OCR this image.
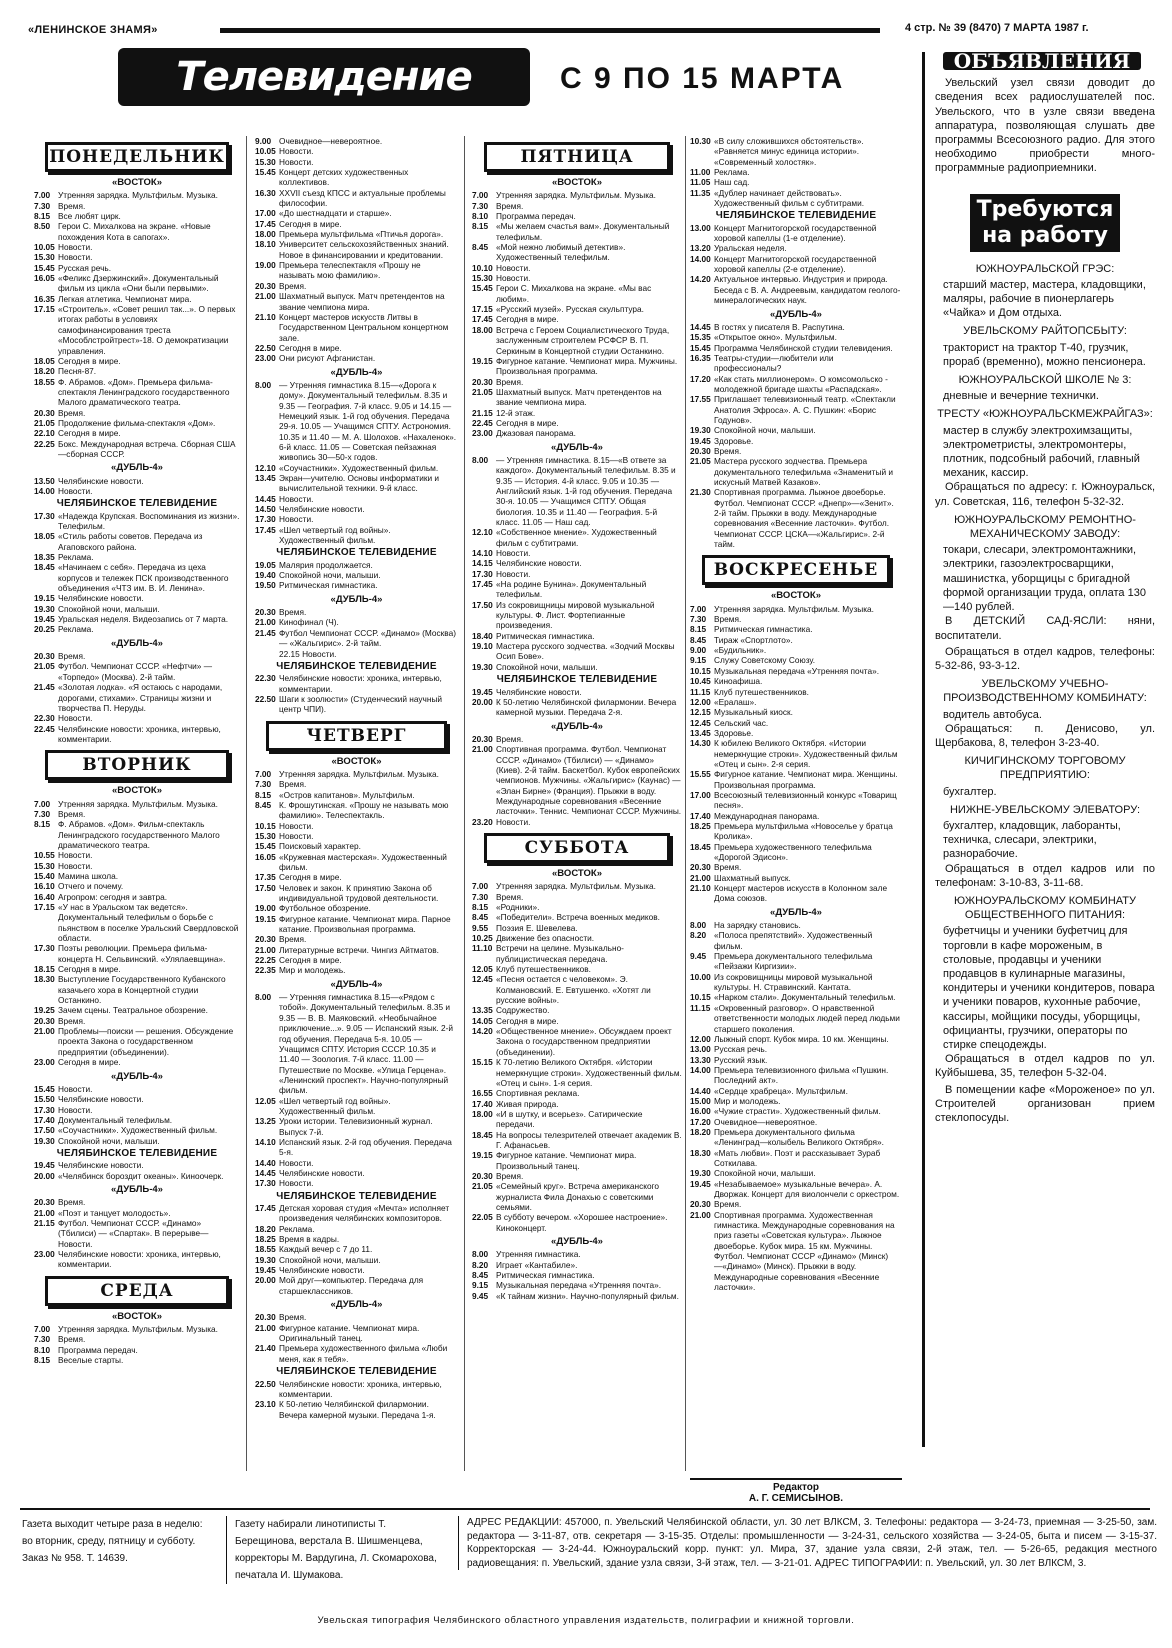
«ЛЕНИНСКОЕ ЗНАМЯ»	4 стр. № 39 (8470) 7 МАРТА 1987 г.
Телевидение	С 9 ПО 15 МАРТА
ПОНЕДЕЛЬНИК
«ВОСТОК»
7.00 Утренняя зарядка. Мультфильм. Музыка.
7.30 Время.
8.15 Все любят цирк.
8.50 Герои С. Михалкова на экране. «Новые похождения Кота в сапогах».
10.05 Новости.
15.30 Новости.
15.45 Русская речь.
16.05 «Феликс Дзержинский». Документальный фильм из цикла «Они были первыми».
16.35 Легкая атлетика. Чемпионат мира.
17.15 «Строитель». «Совет решил так...». О первых итогах работы в условиях самофинансирования треста «Мособлстройтрест»-18. О демократизации управления.
18.05 Сегодня в мире.
18.20 Песня-87.
18.55 Ф. Абрамов. «Дом». Премьера фильма-спектакля Ленинградского государственного Малого драматического театра.
20.30 Время.
21.05 Продолжение фильма-спектакля «Дом».
22.10 Сегодня в мире.
22.25 Бокс. Международная встреча. Сборная США—сборная СССР.
«ДУБЛЬ-4»
13.50 Челябинские новости.
14.00 Новости.
ЧЕЛЯБИНСКОЕ ТЕЛЕВИДЕНИЕ
17.30 «Надежда Крупская. Воспоминания из жизни». Телефильм.
18.05 «Стиль работы советов. Передача из Агаповского района.
18.35 Реклама.
18.45 «Начинаем с себя». Передача из цеха корпусов и тележек ПСК производственного объединения «ЧТЗ им. В. И. Ленина».
19.15 Челябинские новости.
19.30 Спокойной ночи, малыши.
19.45 Уральская неделя. Видеозапись от 7 марта.
20.25 Реклама.
«ДУБЛЬ-4»
20.30 Время.
21.05 Футбол. Чемпионат СССР. «Нефтчи» — «Торпедо» (Москва). 2-й тайм.
21.45 «Золотая лодка». «Я остаюсь с народами, дорогами, стихами». Страницы жизни и творчества П. Неруды.
22.30 Новости.
22.45 Челябинские новости: хроника, интервью, комментарии.
ВТОРНИК
«ВОСТОК»
7.00 Утренняя зарядка. Мультфильм. Музыка.
7.30 Время.
8.15 Ф. Абрамов. «Дом». Фильм-спектакль Ленинградского государственного Малого драматического театра.
10.55 Новости.
15.30 Новости.
15.40 Мамина школа.
16.10 Отчего и почему.
16.40 Агропром: сегодня и завтра.
17.15 «У нас в Уральском так ведется». Документальный телефильм о борьбе с пьянством в поселке Уральский Свердловской области.
17.30 Поэты революции. Премьера фильма-концерта Н. Сельвинский. «Улялаевщина».
18.15 Сегодня в мире.
18.30 Выступление Государственного Кубанского казачьего хора в Концертной студии Останкино.
19.25 Зачем сцены. Театральное обозрение.
20.30 Время.
21.00 Проблемы—поиски — решения. Обсуждение проекта Закона о государственном предприятии (объединении).
23.00 Сегодня в мире.
«ДУБЛЬ-4»
15.45 Новости.
15.50 Челябинские новости.
17.30 Новости.
17.40 Документальный телефильм.
17.50 «Соучастники». Художественный фильм.
19.30 Спокойной ночи, малыши.
ЧЕЛЯБИНСКОЕ ТЕЛЕВИДЕНИЕ
19.45 Челябинские новости.
20.00 «Челябинск бороздит океаны». Киноочерк.
«ДУБЛЬ-4»
20.30 Время.
21.00 «Поэт и танцует молодость».
21.15 Футбол. Чемпионат СССР. «Динамо» (Тбилиси) — «Спартак». В перерыве—Новости.
23.00 Челябинские новости: хроника, интервью, комментарии.
СРЕДА
«ВОСТОК»
7.00 Утренняя зарядка. Мультфильм. Музыка.
7.30 Время.
8.10 Программа передач.
8.15 Веселые старты.
9.00 Очевидное—невероятное.
10.05 Новости.
15.30 Новости.
15.45 Концерт детских художественных коллективов.
16.30 XXVII съезд КПСС и актуальные проблемы философии.
17.00 «До шестнадцати и старше».
17.45 Сегодня в мире.
18.00 Премьера мультфильма «Птичья дорога».
18.10 Университет сельскохозяйственных знаний. Новое в финансировании и кредитовании.
19.00 Премьера телеспектакля «Прошу не называть мою фамилию».
20.30 Время.
21.00 Шахматный выпуск. Матч претендентов на звание чемпиона мира.
21.10 Концерт мастеров искусств Литвы в Государственном Центральном концертном зале.
22.50 Сегодня в мире.
23.00 Они рисуют Афганистан.
«ДУБЛЬ-4»
8.00 — Утренняя гимнастика 8.15—«Дорога к дому». Документальный телефильм. 8.35 и 9.35 — География. 7-й класс. 9.05 и 14.15 — Немецкий язык. 1-й год обучения. Передача 29-я. 10.05 — Учащимся СПТУ. Астрономия. 10.35 и 11.40 — М. А. Шолохов. «Нахаленок». 6-й класс. 11.05 — Советская пейзажная живопись 30—50-х годов.
12.10 «Соучастники». Художественный фильм.
13.45 Экран—учителю. Основы информатики и вычислительной техники. 9-й класс.
14.45 Новости.
14.50 Челябинские новости.
17.30 Новости.
17.45 «Шел четвертый год войны». Художественный фильм.
ЧЕЛЯБИНСКОЕ ТЕЛЕВИДЕНИЕ
19.05 Малярия продолжается.
19.40 Спокойной ночи, малыши.
19.50 Ритмическая гимнастика.
«ДУБЛЬ-4»
20.30 Время.
21.00 Кинофинал (Ч).
21.45 Футбол Чемпионат СССР. «Динамо» (Москва) — «Жальгирис». 2-й тайм.
22.15 Новости.
ЧЕЛЯБИНСКОЕ ТЕЛЕВИДЕНИЕ
22.30 Челябинские новости: хроника, интервью, комментарии.
22.50 Шаги к зоолюсти» (Студенческий научный центр ЧПИ).
ЧЕТВЕРГ
«ВОСТОК»
7.00 Утренняя зарядка. Мультфильм. Музыка.
7.30 Время.
8.15 «Остров капитанов». Мультфильм.
8.45 К. Фрошутинская. «Прошу не называть мою фамилию». Телеспектакль.
10.15 Новости.
15.30 Новости.
15.45 Поисковый характер.
16.05 «Кружевная мастерская». Художественный фильм.
17.35 Сегодня в мире.
17.50 Человек и закон. К принятию Закона об индивидуальной трудовой деятельности.
19.00 Футбольное обозрение.
19.15 Фигурное катание. Чемпионат мира. Парное катание. Произвольная программа.
20.30 Время.
21.00 Литературные встречи. Чингиз Айтматов.
22.25 Сегодня в мире.
22.35 Мир и молодежь.
«ДУБЛЬ-4»
8.00 — Утренняя гимнастика 8.15—«Рядом с тобой». Документальный телефильм. 8.35 и 9.35 — В. В. Маяковский. «Необычайное приключение...». 9.05 — Испанский язык. 2-й год обучения. Передача 5-я. 10.05 — Учащимся СПТУ. История СССР. 10.35 и 11.40 — Зоология. 7-й класс. 11.00 — Путешествие по Москве. «Улица Герцена». «Ленинский проспект». Научно-популярный фильм.
12.05 «Шел четвертый год войны». Художественный фильм.
13.25 Уроки истории. Телевизионный журнал. Выпуск 7-й.
14.10 Испанский язык. 2-й год обучения. Передача 5-я.
14.40 Новости.
14.45 Челябинские новости.
17.30 Новости.
ЧЕЛЯБИНСКОЕ ТЕЛЕВИДЕНИЕ
17.45 Детская хоровая студия «Мечта» исполняет произведения челябинских композиторов.
18.20 Реклама.
18.25 Время в кадры.
18.55 Каждый вечер с 7 до 11.
19.30 Спокойной ночи, малыши.
19.45 Челябинские новости.
20.00 Мой друг—компьютер. Передача для старшеклассников.
«ДУБЛЬ-4»
20.30 Время.
21.00 Фигурное катание. Чемпионат мира. Оригинальный танец.
21.40 Премьера художественного фильма «Люби меня, как я тебя».
ЧЕЛЯБИНСКОЕ ТЕЛЕВИДЕНИЕ
22.50 Челябинские новости: хроника, интервью, комментарии.
23.10 К 50-летию Челябинской филармонии. Вечера камерной музыки. Передача 1-я.
ПЯТНИЦА
«ВОСТОК»
7.00 Утренняя зарядка. Мультфильм. Музыка.
7.30 Время.
8.10 Программа передач.
8.15 «Мы желаем счастья вам». Документальный телефильм.
8.45 «Мой нежно любимый детектив». Художественный телефильм.
10.10 Новости.
15.30 Новости.
15.45 Герои С. Михалкова на экране. «Мы вас любим».
17.15 «Русский музей». Русская скульптура.
17.45 Сегодня в мире.
18.00 Встреча с Героем Социалистического Труда, заслуженным строителем РСФСР В. П. Серкиным в Концертной студии Останкино.
19.15 Фигурное катание. Чемпионат мира. Мужчины. Произвольная программа.
20.30 Время.
21.05 Шахматный выпуск. Матч претендентов на звание чемпиона мира.
21.15 12-й этаж.
22.45 Сегодня в мире.
23.00 Джазовая панорама.
«ДУБЛЬ-4»
8.00 — Утренняя гимнастика. 8.15—«В ответе за каждого». Документальный телефильм. 8.35 и 9.35 — История. 4-й класс. 9.05 и 10.35 — Английский язык. 1-й год обучения. Передача 30-я. 10.05 — Учащимся СПТУ. Общая биология. 10.35 и 11.40 — География. 5-й класс. 11.05 — Наш сад.
12.10 «Собственное мнение». Художественный фильм с субтитрами.
14.10 Новости.
14.15 Челябинские новости.
17.30 Новости.
17.45 «На родине Бунина». Документальный телефильм.
17.50 Из сокровищницы мировой музыкальной культуры. Ф. Лист. Фортепианные произведения.
18.40 Ритмическая гимнастика.
19.10 Мастера русского зодчества. «Зодчий Москвы Осип Бове».
19.30 Спокойной ночи, малыши.
ЧЕЛЯБИНСКОЕ ТЕЛЕВИДЕНИЕ
19.45 Челябинские новости.
20.00 К 50-летию Челябинской филармонии. Вечера камерной музыки. Передача 2-я.
«ДУБЛЬ-4»
20.30 Время.
21.00 Спортивная программа. Футбол. Чемпионат СССР. «Динамо» (Тбилиси) — «Динамо» (Киев). 2-й тайм. Баскетбол. Кубок европейских чемпионов. Мужчины. «Жальгирис» (Каунас) — «Элан Бирне» (Франция). Прыжки в воду. Международные соревнования «Весенние ласточки». Теннис. Чемпионат СССР. Мужчины.
23.20 Новости.
СУББОТА
«ВОСТОК»
7.00 Утренняя зарядка. Мультфильм. Музыка.
7.30 Время.
8.15 «Родники».
8.45 «Победители». Встреча военных медиков.
9.55 Поэзия Е. Шевелева.
10.25 Движение без опасности.
11.10 Встречи на целине. Музыкально-публицистическая передача.
12.05 Клуб путешественников.
12.45 «Песня остается с человеком». Э. Колмановский. Е. Евтушенко. «Хотят ли русские войны».
13.35 Содружество.
14.05 Сегодня в мире.
14.20 «Общественное мнение». Обсуждаем проект Закона о государственном предприятии (объединении).
15.15 К 70-летию Великого Октября. «Истории немеркнущие строки». Художественный фильм. «Отец и сын». 1-я серия.
16.55 Спортивная реклама.
17.40 Живая природа.
18.00 «И в шутку, и всерьез». Сатирические передачи.
18.45 На вопросы телезрителей отвечает академик В. Г. Афанасьев.
19.15 Фигурное катание. Чемпионат мира. Произвольный танец.
20.30 Время.
21.05 «Семейный круг». Встреча американского журналиста Фила Донахью с советскими семьями.
22.05 В субботу вечером. «Хорошее настроение». Киноконцерт.
«ДУБЛЬ-4»
8.00 Утренняя гимнастика.
8.20 Играет «Кантабиле».
8.45 Ритмическая гимнастика.
9.15 Музыкальная передача «Утренняя почта».
9.45 «К тайнам жизни». Научно-популярный фильм.
10.30 «В силу сложившихся обстоятельств». «Равняется минус единица истории». «Современный холостяк».
11.00 Реклама.
11.05 Наш сад.
11.35 «Дублер начинает действовать». Художественный фильм с субтитрами.
ЧЕЛЯБИНСКОЕ ТЕЛЕВИДЕНИЕ
13.00 Концерт Магнитогорской государственной хоровой капеллы (1-е отделение).
13.20 Уральская неделя.
14.00 Концерт Магнитогорской государственной хоровой капеллы (2-е отделение).
14.20 Актуальное интервью. Индустрия и природа. Беседа с В. А. Андреевым, кандидатом геолого-минералогических наук.
«ДУБЛЬ-4»
14.45 В гостях у писателя В. Распутина.
15.35 «Открытое окно». Мультфильм.
15.45 Программа Челябинской студии телевидения.
16.35 Театры-студии—любители или профессионалы?
17.20 «Как стать миллионером». О комсомольско - молодежной бригаде шахты «Распадская».
17.55 Приглашает телевизионный театр. «Спектакли Анатолия Эфроса». А. С. Пушкин: «Борис Годунов».
19.30 Спокойной ночи, малыши.
19.45 Здоровье.
20.30 Время.
21.05 Мастера русского зодчества. Премьера документального телефильма «Знаменитый и искусный Матвей Казаков».
21.30 Спортивная программа. Лыжное двоеборье. Футбол. Чемпионат СССР. «Днепр»—«Зенит». 2-й тайм. Прыжки в воду. Международные соревнования «Весенние ласточки». Футбол. Чемпионат СССР. ЦСКА—«Жальгирис». 2-й тайм.
ВОСКРЕСЕНЬЕ
«ВОСТОК»
7.00 Утренняя зарядка. Мультфильм. Музыка.
7.30 Время.
8.15 Ритмическая гимнастика.
8.45 Тираж «Спортлото».
9.00 «Будильник».
9.15 Служу Советскому Союзу.
10.15 Музыкальная передача «Утренняя почта».
10.45 Киноафиша.
11.15 Клуб путешественников.
12.00 «Ералаш».
12.15 Музыкальный киоск.
12.45 Сельский час.
13.45 Здоровье.
14.30 К юбилею Великого Октября. «Истории немеркнущие строки». Художественный фильм «Отец и сын». 2-я серия.
15.55 Фигурное катание. Чемпионат мира. Женщины. Произвольная программа.
17.00 Всесоюзный телевизионный конкурс «Товарищ песня».
17.40 Международная панорама.
18.25 Премьера мультфильма «Новоселье у братца Кролика».
18.45 Премьера художественного телефильма «Дорогой Эдисон».
20.30 Время.
21.00 Шахматный выпуск.
21.10 Концерт мастеров искусств в Колонном зале Дома союзов.
«ДУБЛЬ-4»
8.00 На зарядку становись.
8.20 «Полоса препятствий». Художественный фильм.
9.45 Премьера документального телефильма «Пейзажи Киргизии».
10.00 Из сокровищницы мировой музыкальной культуры. Н. Стравинский. Кантата.
10.15 «Нарком стали». Документальный телефильм.
11.15 «Окровенный разговор». О нравственной ответственности молодых людей перед людьми старшего поколения.
12.00 Лыжный спорт. Кубок мира. 10 км. Женщины.
13.00 Русская речь.
13.30 Русский язык.
14.00 Премьера телевизионного фильма «Пушкин. Последний акт».
14.40 «Сердце храбреца». Мультфильм.
15.00 Мир и молодежь.
16.00 «Чужие страсти». Художественный фильм.
17.20 Очевидное—невероятное.
18.20 Премьера документального фильма «Ленинград—колыбель Великого Октября».
18.30 «Мать любви». Поэт и рассказывает Зураб Соткилава.
19.30 Спокойной ночи, малыши.
19.45 «Незабываемое» музыкальные вечера». А. Дворжак. Концерт для виолончели с оркестром.
20.30 Время.
21.00 Спортивная программа. Художественная гимнастика. Международные соревнования на приз газеты «Советская культура». Лыжное двоеборье. Кубок мира. 15 км. Мужчины. Футбол. Чемпионат СССР «Динамо» (Минск)—«Динамо» (Минск). Прыжки в воду. Международные соревнования «Весенние ласточки».
Редактор
А. Г. СЕМИСЫНОВ.
ОБЪЯВЛЕНИЯ

Увельский узел связи доводит до сведения всех радиослушателей пос. Увельского, что в узле связи введена аппаратура, позволяющая слушать две программы Всесоюзного радио. Для этого необходимо приобрести много-программные радиоприемники.

Требуются на работу
ЮЖНОУРАЛЬСКОЙ ГРЭС:

старший мастер, мастера, кладовщики, маляры, рабочие в пионерлагерь «Чайка» и Дом отдыха.

УВЕЛЬСКОМУ РАЙТОПСБЫТУ:

тракторист на трактор Т-40, грузчик, прораб (временно), можно пенсионера.

ЮЖНОУРАЛЬСКОЙ ШКОЛЕ № 3:

дневные и вечерние технички.

ТРЕСТУ «ЮЖНОУРАЛЬСКМЕЖРАЙГАЗ»:

мастер в службу электрохимзащиты, электрометристы, электромонтеры, плотник, подсобный рабочий, главный механик, кассир.

Обращаться по адресу: г. Южноуральск, ул. Советская, 116, телефон 5-32-32.

ЮЖНОУРАЛЬСКОМУ РЕМОНТНО-МЕХАНИЧЕСКОМУ ЗАВОДУ:

токари, слесари, электромонтажники, электрики, газоэлектросварщики, машинистка, уборщицы с бригадной формой организации труда, оплата 130—140 рублей.

В ДЕТСКИЙ САД-ЯСЛИ: няни, воспитатели.

Обращаться в отдел кадров, телефоны: 5-32-86, 93-3-12.

УВЕЛЬСКОМУ УЧЕБНО-ПРОИЗВОДСТВЕННОМУ КОМБИНАТУ:

водитель автобуса.

Обращаться: п. Денисово, ул. Щербакова, 8, телефон 3-23-40.

КИЧИГИНСКОМУ ТОРГОВОМУ ПРЕДПРИЯТИЮ:

бухгалтер.

НИЖНЕ-УВЕЛЬСКОМУ ЭЛЕВАТОРУ:

бухгалтер, кладовщик, лаборанты, техничка, слесари, электрики, разнорабочие.

Обращаться в отдел кадров или по телефонам: 3-10-83, 3-11-68.

ЮЖНОУРАЛЬСКОМУ КОМБИНАТУ ОБЩЕСТВЕННОГО ПИТАНИЯ:

буфетчицы и ученики буфетчиц для торговли в кафе мороженым, в столовые, продавцы и ученики продавцов в кулинарные магазины, кондитеры и ученики кондитеров, повара и ученики поваров, кухонные рабочие, кассиры, мойщики посуды, уборщицы, официанты, грузчики, операторы по стирке спецодежды.

Обращаться в отдел кадров по ул. Куйбышева, 35, телефон 5-32-04.

В помещении кафе «Мороженое» по ул. Строителей организован прием стеклопосуды.

Газета выходит четыре раза в неделю: во вторник, среду, пятницу и субботу.
Заказ № 958. Т. 14639.
Газету набирали линотиписты Т. Берещинова, верстала В. Шишменцева, корректоры М. Вардугина, Л. Скомарохова, печатала И. Шумакова.
АДРЕС РЕДАКЦИИ: 457000, п. Увельский Челябинской области, ул. 30 лет ВЛКСМ, 3. Телефоны: редактора — 3-24-73, приемная — 3-25-50, зам. редактора — 3-11-87, отв. секретаря — 3-15-35. Отделы: промышленности — 3-24-31, сельского хозяйства — 3-24-05, быта и писем — 3-15-37. Корректорская — 3-24-44. Южноуральский корр. пункт: ул. Мира, 37, здание узла связи, 2-й этаж, тел. — 5-26-65, редакция местного радиовещания: п. Увельский, здание узла связи, 3-й этаж, тел. — 3-21-01. АДРЕС ТИПОГРАФИИ: п. Увельский, ул. 30 лет ВЛКСМ, 3.
Увельская типография Челябинского областного управления издательств, полиграфии и книжной торговли.
